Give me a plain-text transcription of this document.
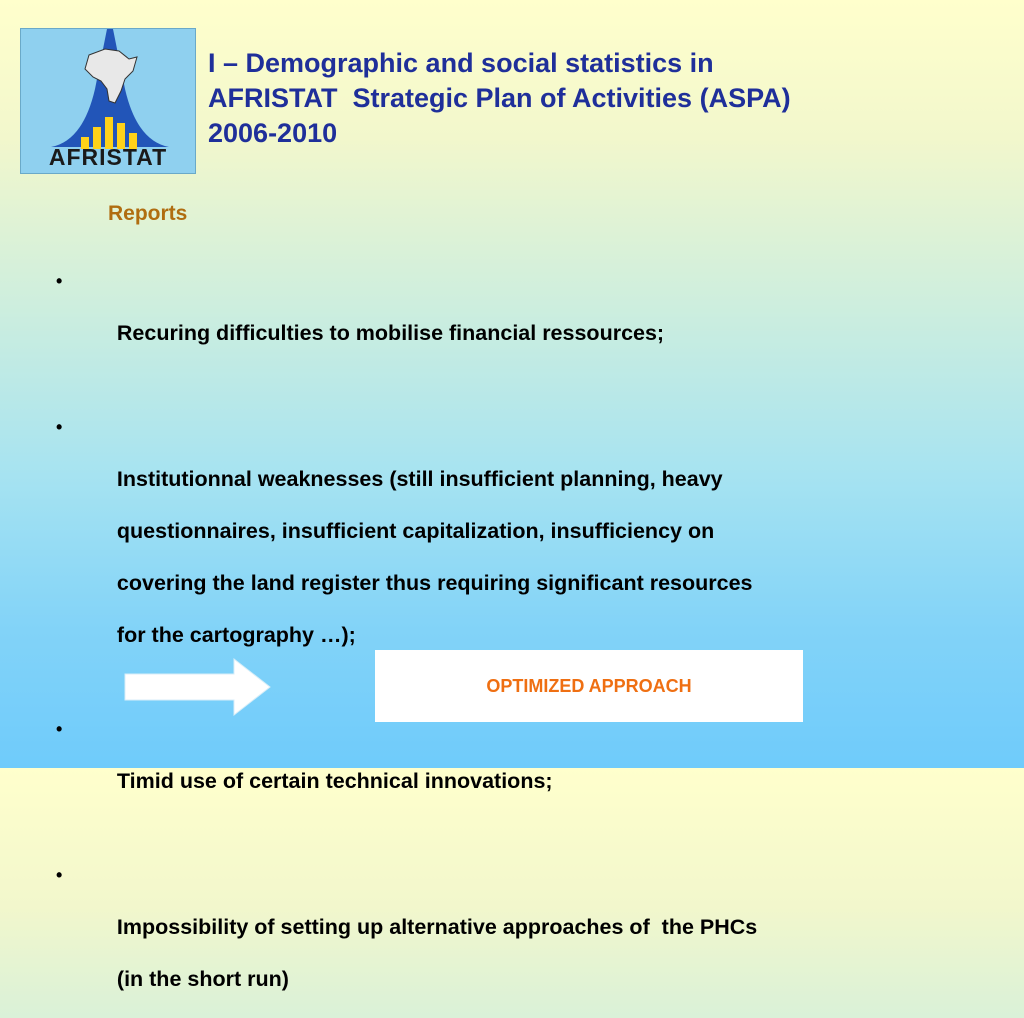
AFRISTAT
I – Demographic and social statistics in
AFRISTAT  Strategic Plan of Activities (ASPA)
2006-2010
Reports

•

Recuring difficulties to mobilise financial ressources;

•

Institutionnal weaknesses (still insufficient planning, heavy

questionnaires, insufficient capitalization, insufficiency on

covering the land register thus requiring significant resources

for the cartography …);

•

Timid use of certain technical innovations;

•

Impossibility of setting up alternative approaches of  the PHCs

(in the short run)

OPTIMIZED APPROACH
